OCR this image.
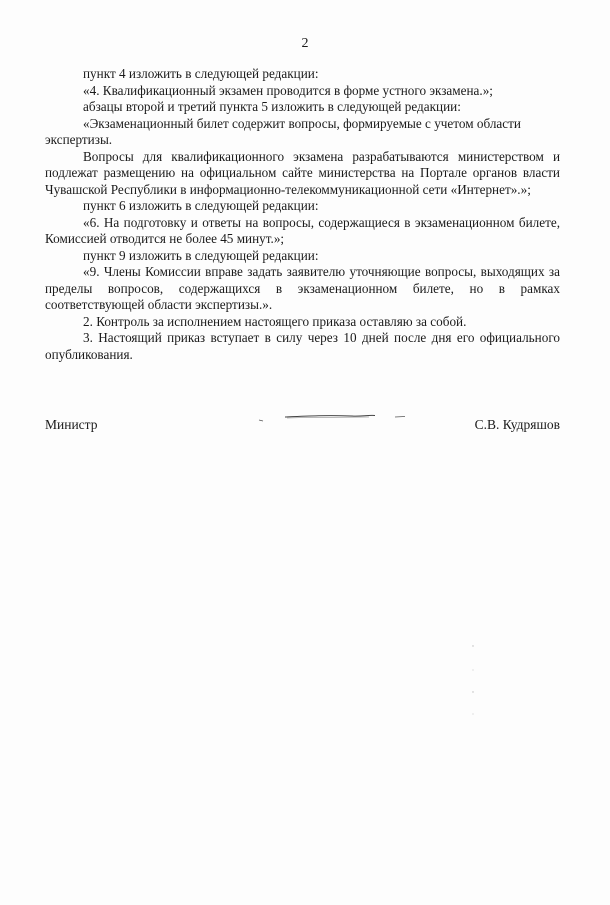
2

пункт 4 изложить в следующей редакции:

«4. Квалификационный экзамен проводится в форме устного экзамена.»;

абзацы второй и третий пункта 5 изложить в следующей редакции:

«Экзаменационный билет содержит вопросы, формируемые с учетом области экспертизы.

Вопросы для квалификационного экзамена разрабатываются министерством и подлежат размещению на официальном сайте министерства на Портале органов власти Чувашской Республики в информационно-телекоммуникационной сети «Интернет».»;

пункт 6 изложить в следующей редакции:

«6. На подготовку и ответы на вопросы, содержащиеся в экзаменационном билете, Комиссией отводится не более 45 минут.»;

пункт 9 изложить в следующей редакции:

«9. Члены Комиссии вправе задать заявителю уточняющие вопросы, выходящих за пределы вопросов, содержащихся в экзаменационном билете, но в рамках соответствующей области экспертизы.».

2. Контроль за исполнением настоящего приказа оставляю за собой.

3. Настоящий приказ вступает в силу через 10 дней после дня его официального опубликования.

Министр	С.В. Кудряшов
